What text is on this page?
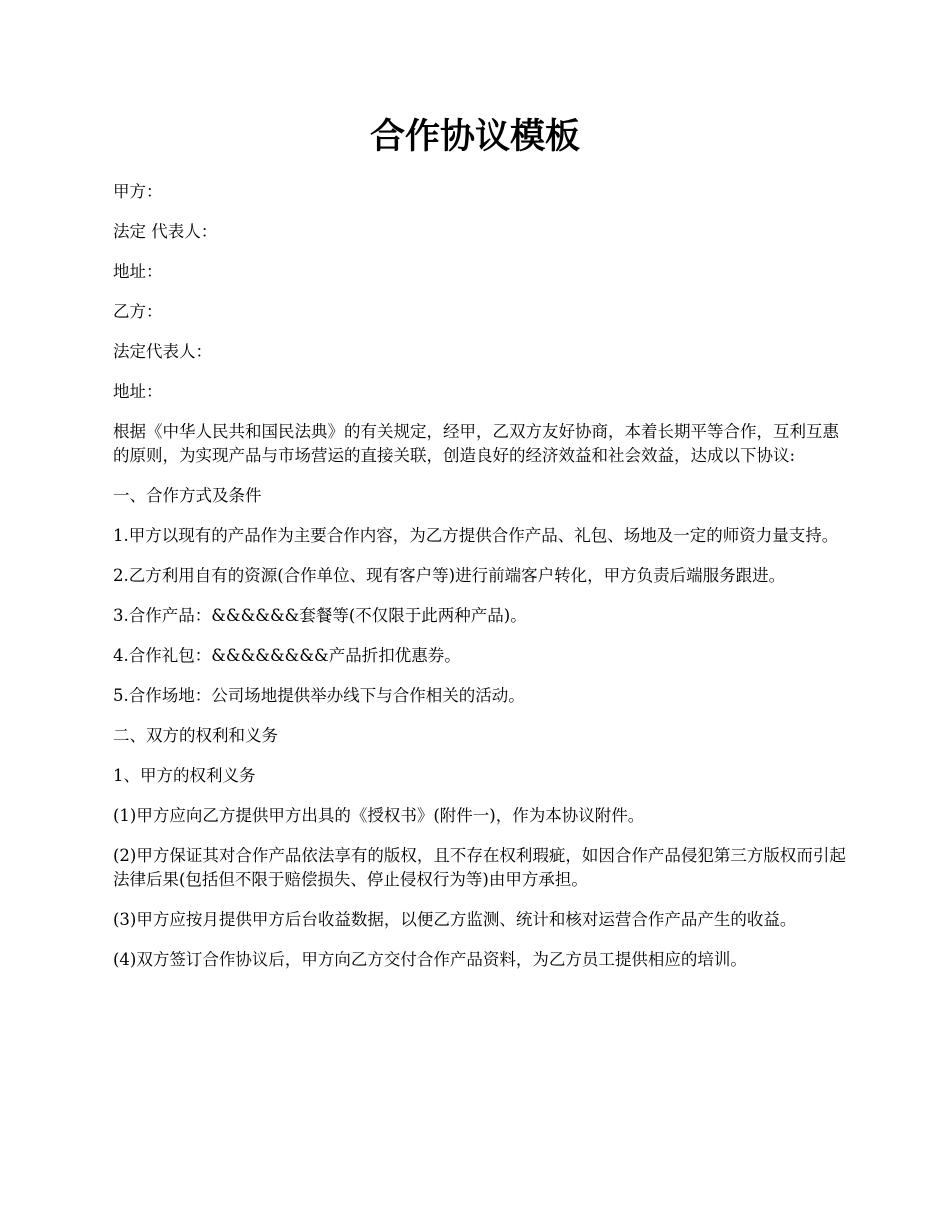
合作协议模板

甲方：

法定 代表人：

地址：

乙方：

法定代表人：

地址：

根据《中华人民共和国民法典》的有关规定，经甲，乙双方友好协商，本着长期平等合作，互利互惠的原则，为实现产品与市场营运的直接关联，创造良好的经济效益和社会效益，达成以下协议:

一、合作方式及条件

1.甲方以现有的产品作为主要合作内容，为乙方提供合作产品、礼包、场地及一定的师资力量支持。

2.乙方利用自有的资源(合作单位、现有客户等)进行前端客户转化，甲方负责后端服务跟进。

3.合作产品：&&&&&&套餐等(不仅限于此两种产品)。

4.合作礼包：&&&&&&&&产品折扣优惠券。

5.合作场地：公司场地提供举办线下与合作相关的活动。

二、双方的权利和义务

1、甲方的权利义务

(1)甲方应向乙方提供甲方出具的《授权书》(附件一)，作为本协议附件。

(2)甲方保证其对合作产品依法享有的版权，且不存在权利瑕疵，如因合作产品侵犯第三方版权而引起法律后果(包括但不限于赔偿损失、停止侵权行为等)由甲方承担。

(3)甲方应按月提供甲方后台收益数据，以便乙方监测、统计和核对运营合作产品产生的收益。

(4)双方签订合作协议后，甲方向乙方交付合作产品资料，为乙方员工提供相应的培训。
